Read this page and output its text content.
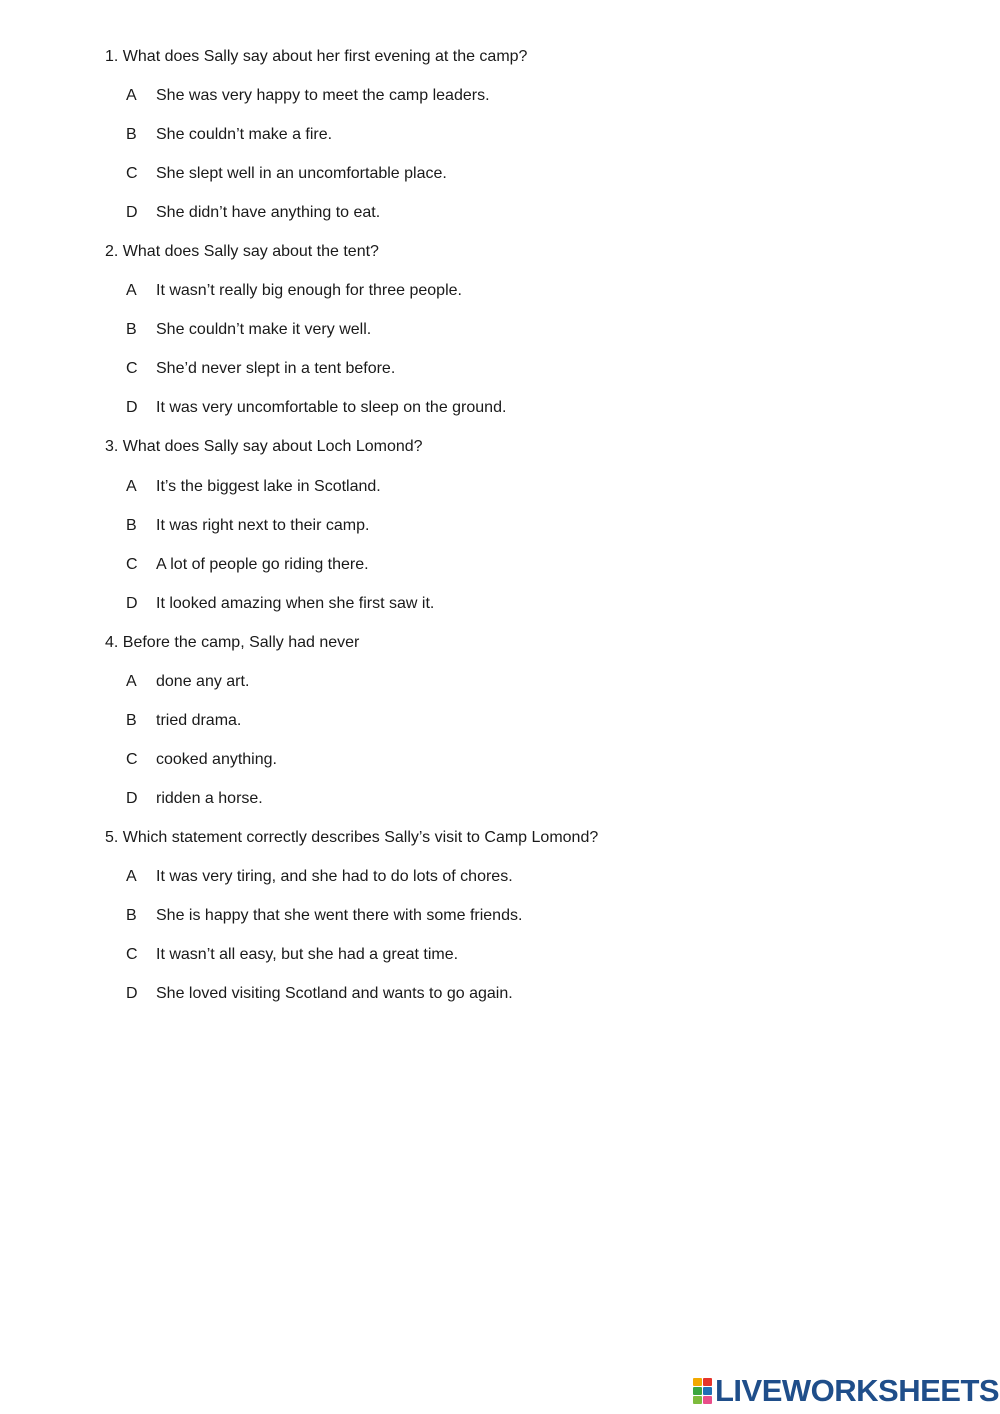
1. What does Sally say about her first evening at the camp?
A She was very happy to meet the camp leaders.
B She couldn’t make a fire.
C She slept well in an uncomfortable place.
D She didn’t have anything to eat.
2. What does Sally say about the tent?
A It wasn’t really big enough for three people.
B She couldn’t make it very well.
C She’d never slept in a tent before.
D It was very uncomfortable to sleep on the ground.
3. What does Sally say about Loch Lomond?
A It’s the biggest lake in Scotland.
B It was right next to their camp.
C A lot of people go riding there.
D It looked amazing when she first saw it.
4. Before the camp, Sally had never
A done any art.
B tried drama.
C cooked anything.
D ridden a horse.
5. Which statement correctly describes Sally’s visit to Camp Lomond?
A It was very tiring, and she had to do lots of chores.
B She is happy that she went there with some friends.
C It wasn’t all easy, but she had a great time.
D She loved visiting Scotland and wants to go again.
LIVEWORKSHEETS
